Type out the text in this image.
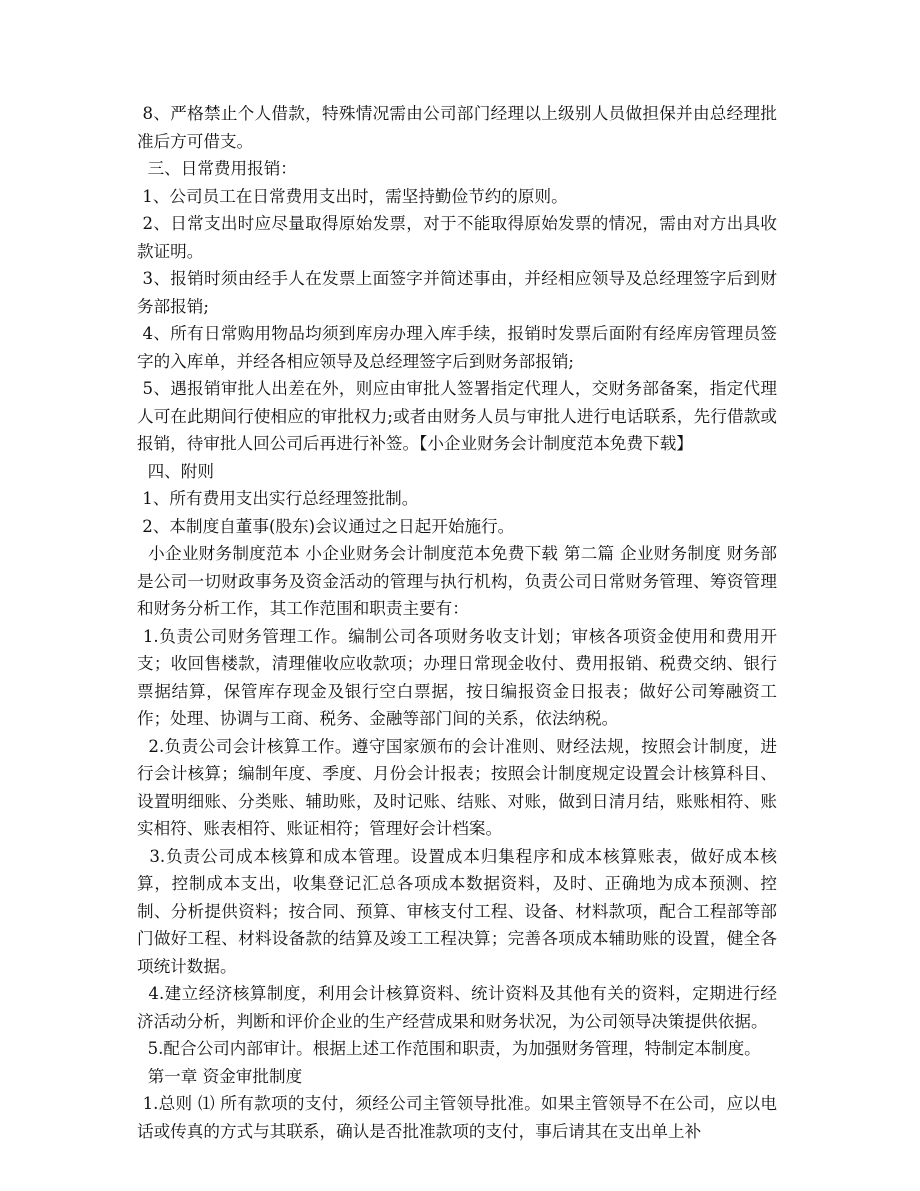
8、严格禁止个人借款，特殊情况需由公司部门经理以上级别人员做担保并由总经理批准后方可借支。

三、日常费用报销：

1、公司员工在日常费用支出时，需坚持勤俭节约的原则。

2、日常支出时应尽量取得原始发票，对于不能取得原始发票的情况，需由对方出具收款证明。

3、报销时须由经手人在发票上面签字并简述事由，并经相应领导及总经理签字后到财务部报销;

4、所有日常购用物品均须到库房办理入库手续，报销时发票后面附有经库房管理员签字的入库单，并经各相应领导及总经理签字后到财务部报销;

5、遇报销审批人出差在外，则应由审批人签署指定代理人，交财务部备案，指定代理人可在此期间行使相应的审批权力;或者由财务人员与审批人进行电话联系，先行借款或报销，待审批人回公司后再进行补签。【小企业财务会计制度范本免费下载】

四、附则

1、所有费用支出实行总经理签批制。

2、本制度自董事(股东)会议通过之日起开始施行。

小企业财务制度范本 小企业财务会计制度范本免费下载 第二篇 企业财务制度 财务部是公司一切财政事务及资金活动的管理与执行机构，负责公司日常财务管理、筹资管理和财务分析工作，其工作范围和职责主要有：

1.负责公司财务管理工作。编制公司各项财务收支计划；审核各项资金使用和费用开支；收回售楼款，清理催收应收款项；办理日常现金收付、费用报销、税费交纳、银行票据结算，保管库存现金及银行空白票据，按日编报资金日报表；做好公司筹融资工作；处理、协调与工商、税务、金融等部门间的关系，依法纳税。

2.负责公司会计核算工作。遵守国家颁布的会计准则、财经法规，按照会计制度，进行会计核算；编制年度、季度、月份会计报表；按照会计制度规定设置会计核算科目、设置明细账、分类账、辅助账，及时记账、结账、对账，做到日清月结，账账相符、账实相符、账表相符、账证相符；管理好会计档案。

3.负责公司成本核算和成本管理。设置成本归集程序和成本核算账表，做好成本核算，控制成本支出，收集登记汇总各项成本数据资料，及时、正确地为成本预测、控制、分析提供资料；按合同、预算、审核支付工程、设备、材料款项，配合工程部等部门做好工程、材料设备款的结算及竣工工程决算；完善各项成本辅助账的设置，健全各项统计数据。

4.建立经济核算制度，利用会计核算资料、统计资料及其他有关的资料，定期进行经济活动分析，判断和评价企业的生产经营成果和财务状况，为公司领导决策提供依据。

5.配合公司内部审计。根据上述工作范围和职责，为加强财务管理，特制定本制度。

第一章 资金审批制度

1.总则 ⑴ 所有款项的支付，须经公司主管领导批准。如果主管领导不在公司，应以电话或传真的方式与其联系，确认是否批准款项的支付，事后请其在支出单上补
